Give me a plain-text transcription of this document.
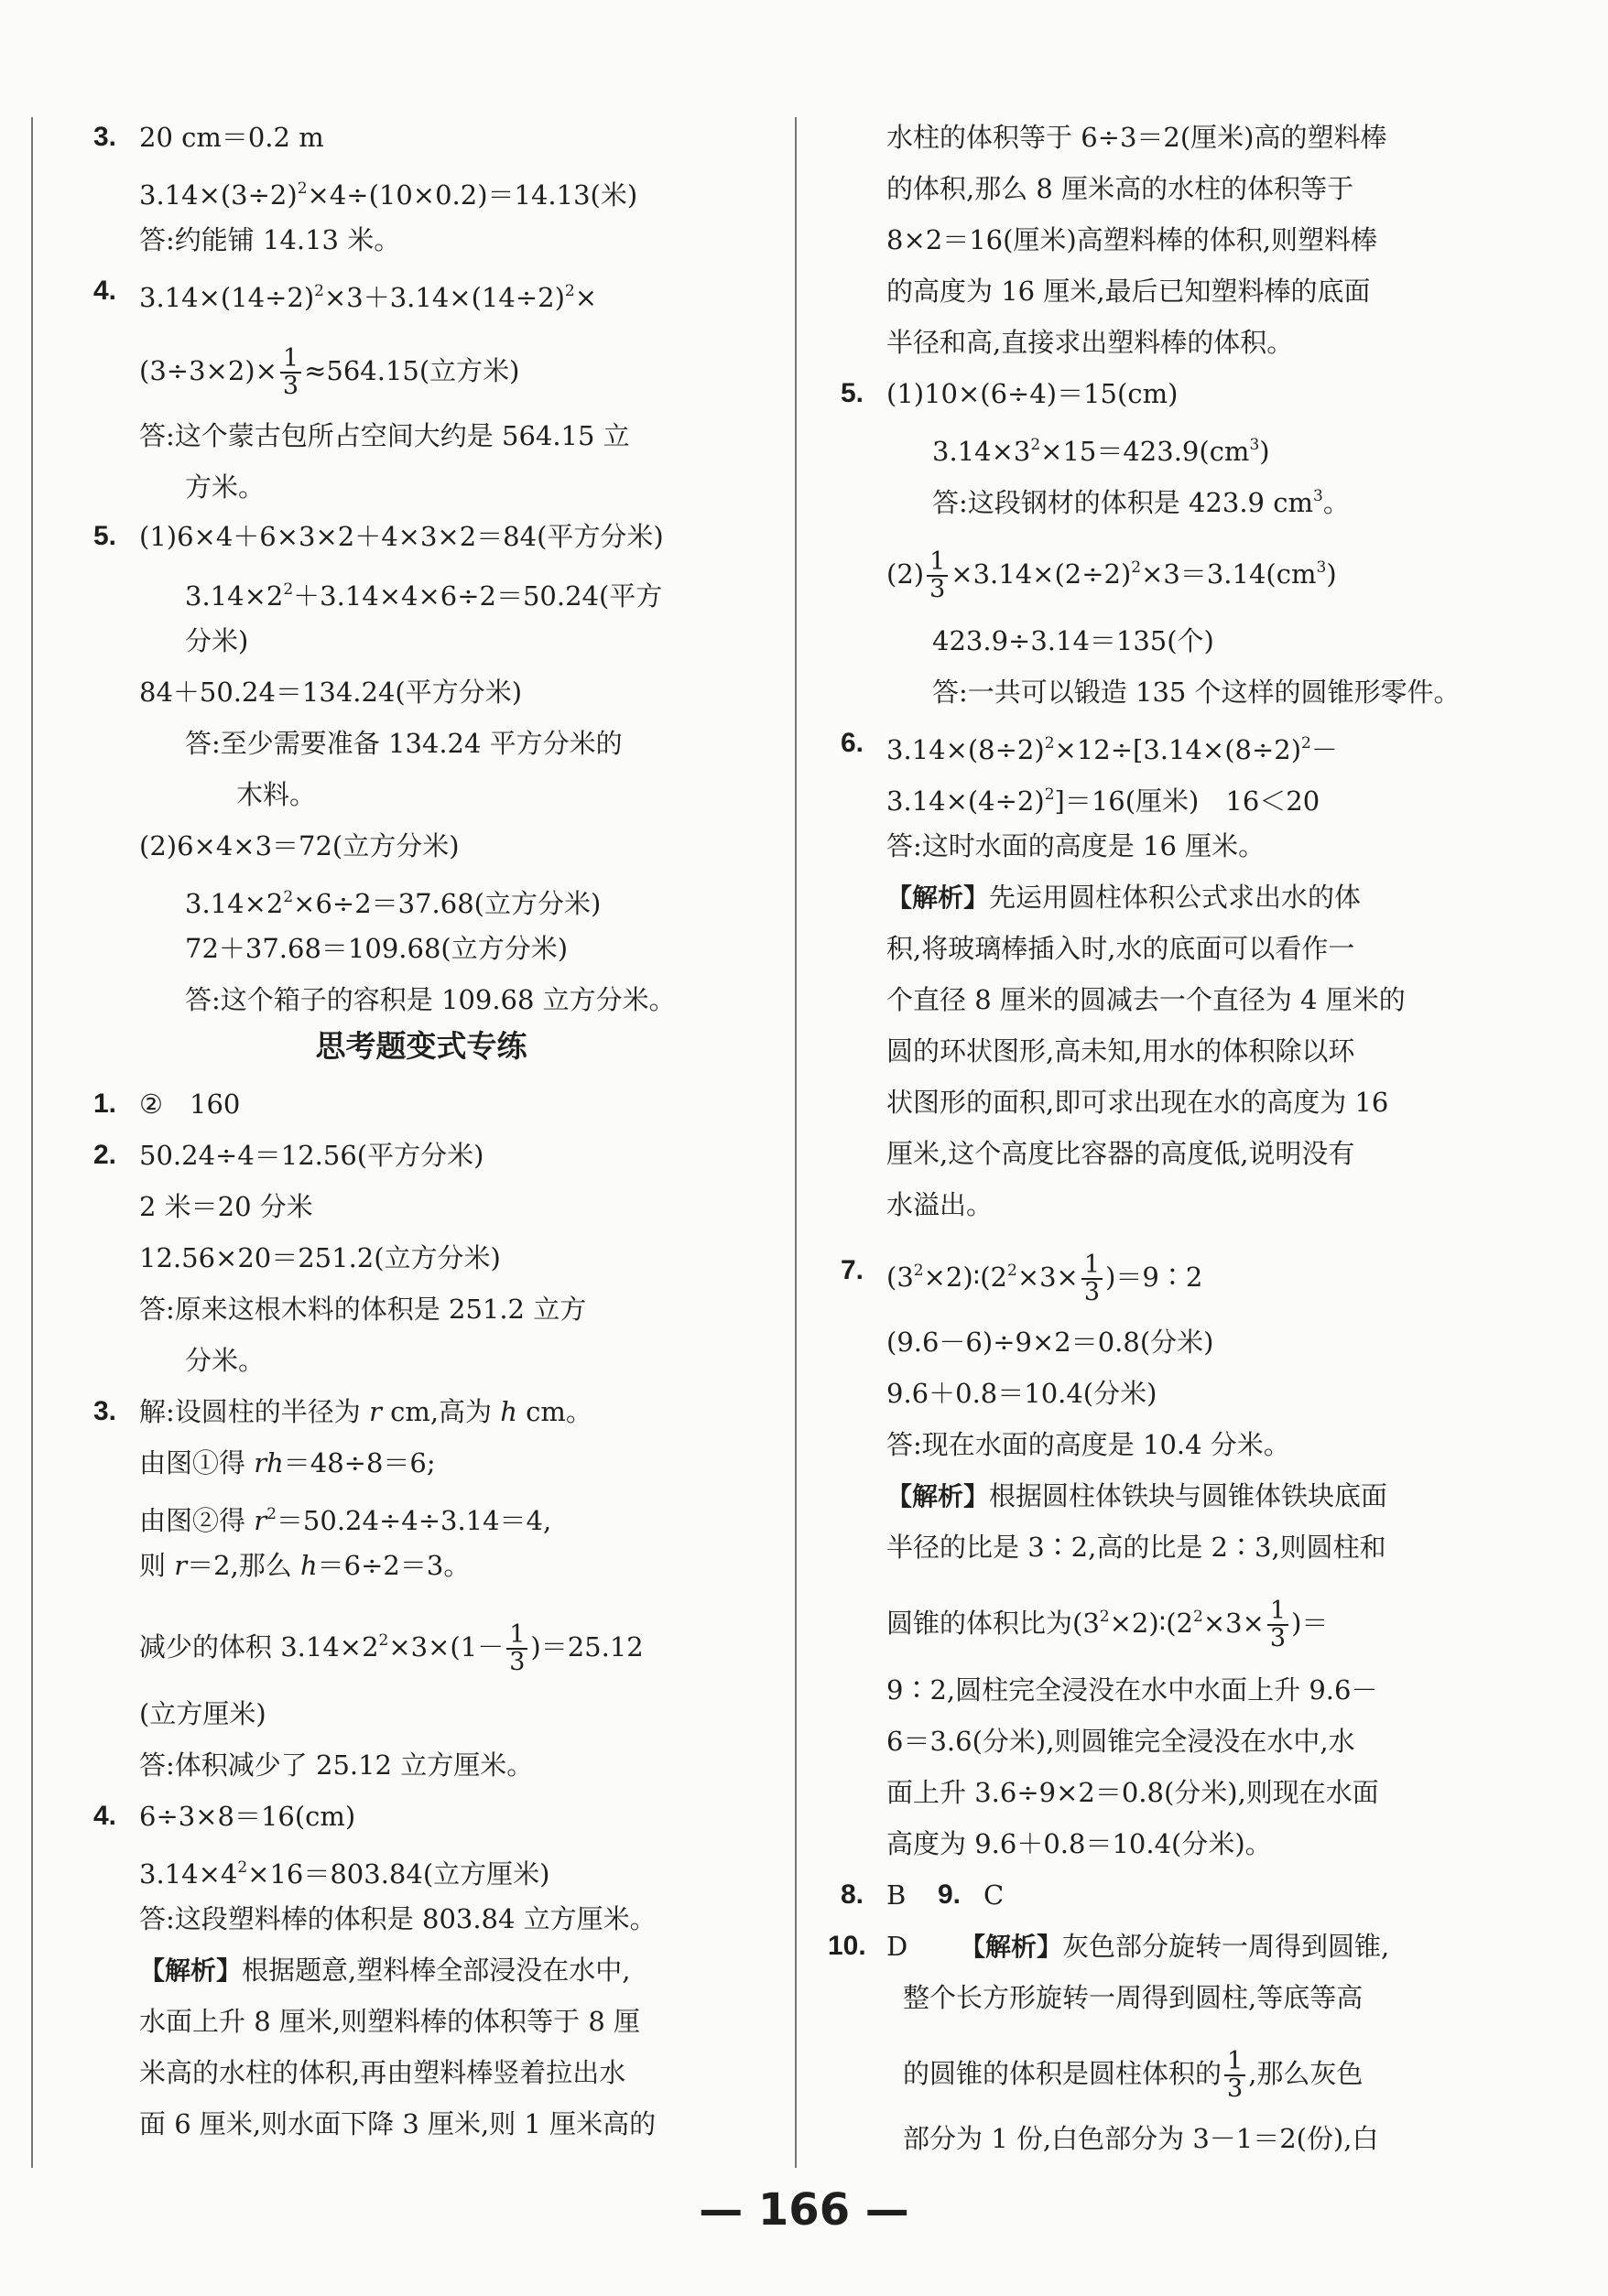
3. 20 cm＝0.2 m
$3.14\times(3\div 2)^2\times 4\div(10\times 0.2)=14.13$(米)
答:约能铺 14.13 米。
4. $3.14\times(14\div 2)^2\times 3+3.14\times(14\div 2)^2\times$
$(3\div 3\times 2)\times \frac{1}{3} \approx 564.15$(立方米)
答:这个蒙古包所占空间大约是 564.15 立
方米。
5. (1)6×4＋6×3×2＋4×3×2＝84(平方分米)
$3.14\times 2^2+3.14\times 4\times 6\div 2=50.24$(平方
分米)
84＋50.24＝134.24(平方分米)
答:至少需要准备 134.24 平方分米的
木料。
(2)6×4×3＝72(立方分米)
$3.14\times 2^2\times 6\div 2=37.68$(立方分米)
72＋37.68＝109.68(立方分米)
答:这个箱子的容积是 109.68 立方分米。
思考题变式专练
1. ②　160
2. 50.24÷4＝12.56(平方分米)
2 米＝20 分米
12.56×20＝251.2(立方分米)
答:原来这根木料的体积是 251.2 立方
分米。
3. 解:设圆柱的半径为 r cm,高为 h cm。
由图①得 rh＝48÷8＝6;
由图②得 $r^2=50.24\div 4\div 3.14=4$,
则 r＝2,那么 h＝6÷2＝3。
减少的体积 $3.14\times 2^2\times 3\times(1- \frac{1}{3} )=25.12$
(立方厘米)
答:体积减少了 25.12 立方厘米。
4. 6÷3×8＝16(cm)
$3.14\times 4^2\times 16=803.84$(立方厘米)
答:这段塑料棒的体积是 803.84 立方厘米。
【解析】根据题意,塑料棒全部浸没在水中,
水面上升 8 厘米,则塑料棒的体积等于 8 厘
米高的水柱的体积,再由塑料棒竖着拉出水
面 6 厘米,则水面下降 3 厘米,则 1 厘米高的
水柱的体积等于 6÷3＝2(厘米)高的塑料棒
的体积,那么 8 厘米高的水柱的体积等于
8×2＝16(厘米)高塑料棒的体积,则塑料棒
的高度为 16 厘米,最后已知塑料棒的底面
半径和高,直接求出塑料棒的体积。
5. (1)10×(6÷4)＝15(cm)
$3.14\times 3^2\times 15=423.9(cm^3)$
答:这段钢材的体积是 423.9 $cm^3$。
$(2) \frac{1}{3} \times 3.14\times(2\div 2)^2\times 3=3.14(cm^3)$
423.9÷3.14＝135(个)
答:一共可以锻造 135 个这样的圆锥形零件。
6. $3.14\times(8\div 2)^2\times 12\div[3.14\times(8\div 2)^2-$
$3.14\times(4\div 2)^2]=16$(厘米)　16＜20
答:这时水面的高度是 16 厘米。
【解析】先运用圆柱体积公式求出水的体
积,将玻璃棒插入时,水的底面可以看作一
个直径 8 厘米的圆减去一个直径为 4 厘米的
圆的环状图形,高未知,用水的体积除以环
状图形的面积,即可求出现在水的高度为 16
厘米,这个高度比容器的高度低,说明没有
水溢出。
7. $(3^2\times 2)∶(2^2\times 3\times \frac{1}{3}$ )＝9∶2
(9.6－6)÷9×2＝0.8(分米)
9.6＋0.8＝10.4(分米)
答:现在水面的高度是 10.4 分米。
【解析】根据圆柱体铁块与圆锥体铁块底面
半径的比是 3∶2,高的比是 2∶3,则圆柱和
圆锥的体积比为$(3^2\times 2)∶(2^2\times 3\times \frac{1}{3}$ )＝
9∶2,圆柱完全浸没在水中水面上升 9.6－
6＝3.6(分米),则圆锥完全浸没在水中,水
面上升 3.6÷9×2＝0.8(分米),则现在水面
高度为 9.6＋0.8＝10.4(分米)。
8. B 9. C
10. D 【解析】灰色部分旋转一周得到圆锥,
整个长方形旋转一周得到圆柱,等底等高
的圆锥的体积是圆柱体积的 $\frac{1}{3}$ ,那么灰色
部分为 1 份,白色部分为 3－1＝2(份),白
— 166 —
